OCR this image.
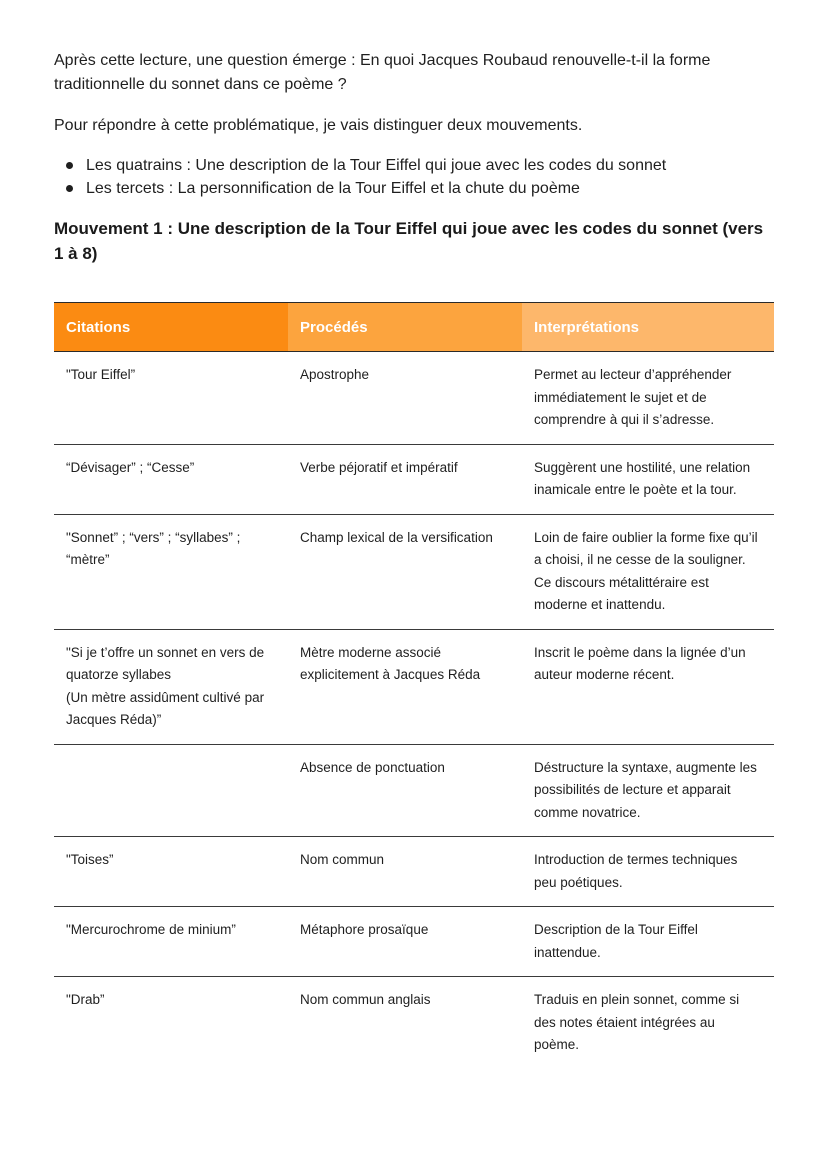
Après cette lecture, une question émerge : En quoi Jacques Roubaud renouvelle-t-il la forme traditionnelle du sonnet dans ce poème ?

Pour répondre à cette problématique, je vais distinguer deux mouvements.

Les quatrains : Une description de la Tour Eiffel qui joue avec les codes du sonnet
Les tercets : La personnification de la Tour Eiffel et la chute du poème
Mouvement 1 : Une description de la Tour Eiffel qui joue avec les codes du sonnet (vers 1 à 8)
Citations	Procédés	Interprétations
"Tour Eiffel”	Apostrophe	Permet au lecteur d’appréhender immédiatement le sujet et de comprendre à qui il s’adresse.
“Dévisager” ; “Cesse”	Verbe péjoratif et impératif	Suggèrent une hostilité, une relation inamicale entre le poète et la tour.
"Sonnet” ; “vers” ; “syllabes” ; “mètre”	Champ lexical de la versification	Loin de faire oublier la forme fixe qu’il a choisi, il ne cesse de la souligner. Ce discours métalittéraire est moderne et inattendu.

"Si je t’offre un sonnet en vers de quatorze syllabes
(Un mètre assidûment cultivé par Jacques Réda)”	Mètre moderne associé explicitement à Jacques Réda	Inscrit le poème dans la lignée d’un auteur moderne récent.
	Absence de ponctuation	Déstructure la syntaxe, augmente les possibilités de lecture et apparait comme novatrice.
"Toises”	Nom commun	Introduction de termes techniques peu poétiques.
"Mercurochrome de minium”	Métaphore prosaïque	Description de la Tour Eiffel inattendue.
"Drab”	Nom commun anglais	Traduis en plein sonnet, comme si des notes étaient intégrées au poème.
